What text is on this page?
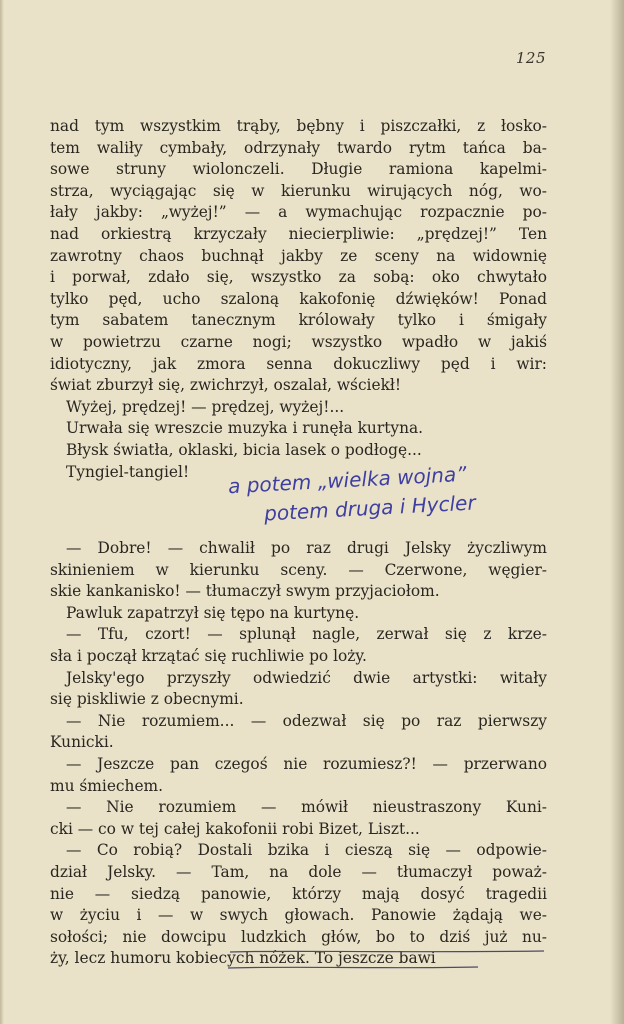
125
nad tym wszystkim trąby, bębny i piszczałki, z łosko-
tem waliły cymbały, odrzynały twardo rytm tańca ba-
sowe struny wiolonczeli. Długie ramiona kapelmi-
strza, wyciągając się w kierunku wirujących nóg, wo-
łały jakby: „wyżej!” — a wymachując rozpacznie po-
nad orkiestrą krzyczały niecierpliwie: „prędzej!” Ten
zawrotny chaos buchnął jakby ze sceny na widownię
i porwał, zdało się, wszystko za sobą: oko chwytało
tylko pęd, ucho szaloną kakofonię dźwięków! Ponad
tym sabatem tanecznym królowały tylko i śmigały
w powietrzu czarne nogi; wszystko wpadło w jakiś
idiotyczny, jak zmora senna dokuczliwy pęd i wir:
świat zburzył się, zwichrzył, oszalał, wściekł!
Wyżej, prędzej! — prędzej, wyżej!...
Urwała się wreszcie muzyka i runęła kurtyna.
Błysk światła, oklaski, bicia lasek o podłogę...
Tyngiel-tangiel!
— Dobre! — chwalił po raz drugi Jelsky życzliwym
skinieniem w kierunku sceny. — Czerwone, węgier-
skie kankanisko! — tłumaczył swym przyjaciołom.
Pawluk zapatrzył się tępo na kurtynę.
— Tfu, czort! — splunął nagle, zerwał się z krze-
sła i począł krzątać się ruchliwie po loży.
Jelsky'ego przyszły odwiedzić dwie artystki: witały
się piskliwie z obecnymi.
— Nie rozumiem... — odezwał się po raz pierwszy
Kunicki.
— Jeszcze pan czegoś nie rozumiesz?! — przerwano
mu śmiechem.
— Nie rozumiem — mówił nieustraszony Kuni-
cki — co w tej całej kakofonii robi Bizet, Liszt...
— Co robią? Dostali bzika i cieszą się — odpowie-
dział Jelsky. — Tam, na dole — tłumaczył poważ-
nie — siedzą panowie, którzy mają dosyć tragedii
w życiu i — w swych głowach. Panowie żądają we-
sołości; nie dowcipu ludzkich głów, bo to dziś już nu-
ży, lecz humoru kobiecych nóżek. To jeszcze bawi
a potem „wielka wojna”
potem druga i Hycler
